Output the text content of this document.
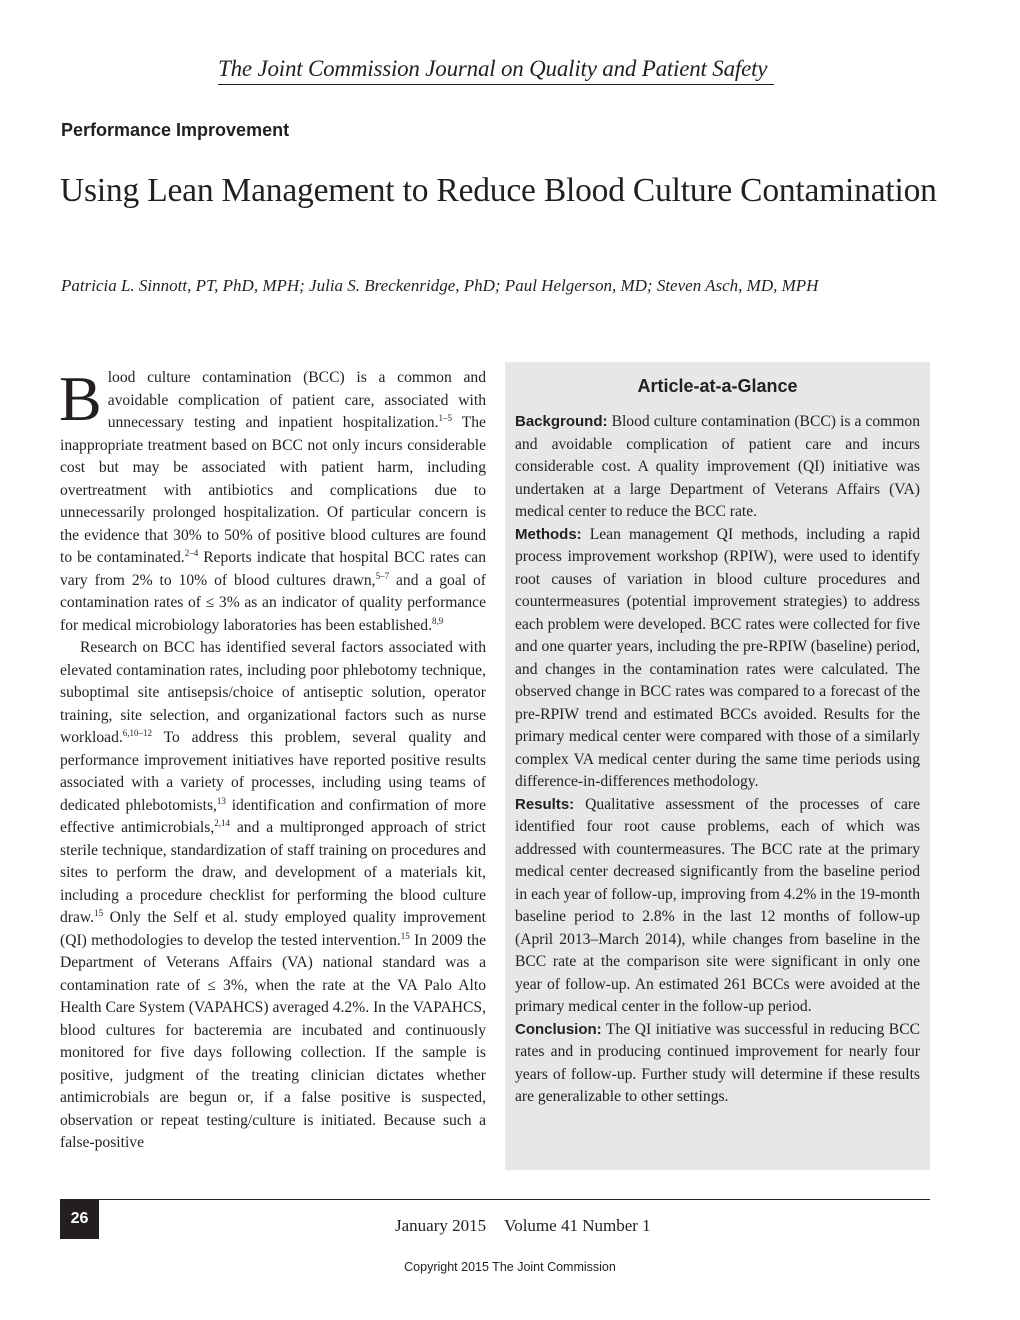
The Joint Commission Journal on Quality and Patient Safety
Performance Improvement
Using Lean Management to Reduce Blood Culture Contamination
Patricia L. Sinnott, PT, PhD, MPH; Julia S. Breckenridge, PhD; Paul Helgerson, MD; Steven Asch, MD, MPH

B lood culture contamination (BCC) is a common and avoidable complication of patient care, associated with unnecessary testing and inpatient hospitalization.$^{1-5}$ The inappropriate treatment based on BCC not only incurs considerable cost but may be associated with patient harm, including overtreatment with antibiotics and complications due to unnecessarily prolonged hospitalization. Of particular concern is the evidence that 30% to 50% of positive blood cultures are found to be contaminated.$^{2-4}$ Reports indicate that hospital BCC rates can vary from 2% to 10% of blood cultures drawn,$^{5-7}$ and a goal of contamination rates of ≤ 3% as an indicator of quality performance for medical microbiology laboratories has been established.$^{8,9}$

Research on BCC has identified several factors associated with elevated contamination rates, including poor phlebotomy technique, suboptimal site antisepsis/choice of antiseptic solution, operator training, site selection, and organizational factors such as nurse workload.$^{6,10-12}$ To address this problem, several quality and performance improvement initiatives have reported positive results associated with a variety of processes, including using teams of dedicated phlebotomists,$^{13}$ identification and confirmation of more effective antimicrobials,$^{2,14}$ and a multipronged approach of strict sterile technique, standardization of staff training on procedures and sites to perform the draw, and development of a materials kit, including a procedure checklist for performing the blood culture draw.$^{15}$ Only the Self et al. study employed quality improvement (QI) methodologies to develop the tested intervention.$^{15}$ In 2009 the Department of Veterans Affairs (VA) national standard was a contamination rate of ≤ 3%, when the rate at the VA Palo Alto Health Care System (VAPAHCS) averaged 4.2%. In the VAPAHCS, blood cultures for bacteremia are incubated and continuously monitored for five days following collection. If the sample is positive, judgment of the treating clinician dictates whether antimicrobials are begun or, if a false positive is suspected, observation or repeat testing/culture is initiated. Because such a false-positive

Article-at-a-Glance

Background: Blood culture contamination (BCC) is a common and avoidable complication of patient care and incurs considerable cost. A quality improvement (QI) initiative was undertaken at a large Department of Veterans Affairs (VA) medical center to reduce the BCC rate.

Methods: Lean management QI methods, including a rapid process improvement workshop (RPIW), were used to identify root causes of variation in blood culture procedures and countermeasures (potential improvement strategies) to address each problem were developed. BCC rates were collected for five and one quarter years, including the pre-RPIW (baseline) period, and changes in the contamination rates were calculated. The observed change in BCC rates was compared to a forecast of the pre-RPIW trend and estimated BCCs avoided. Results for the primary medical center were compared with those of a similarly complex VA medical center during the same time periods using difference-in-differences methodology.

Results: Qualitative assessment of the processes of care identified four root cause problems, each of which was addressed with countermeasures. The BCC rate at the primary medical center decreased significantly from the baseline period in each year of follow-up, improving from 4.2% in the 19-month baseline period to 2.8% in the last 12 months of follow-up (April 2013–March 2014), while changes from baseline in the BCC rate at the comparison site were significant in only one year of follow-up. An estimated 261 BCCs were avoided at the primary medical center in the follow-up period.

Conclusion: The QI initiative was successful in reducing BCC rates and in producing continued improvement for nearly four years of follow-up. Further study will determine if these results are generalizable to other settings.

26	January 2015 Volume 41 Number 1
Copyright 2015 The Joint Commission
